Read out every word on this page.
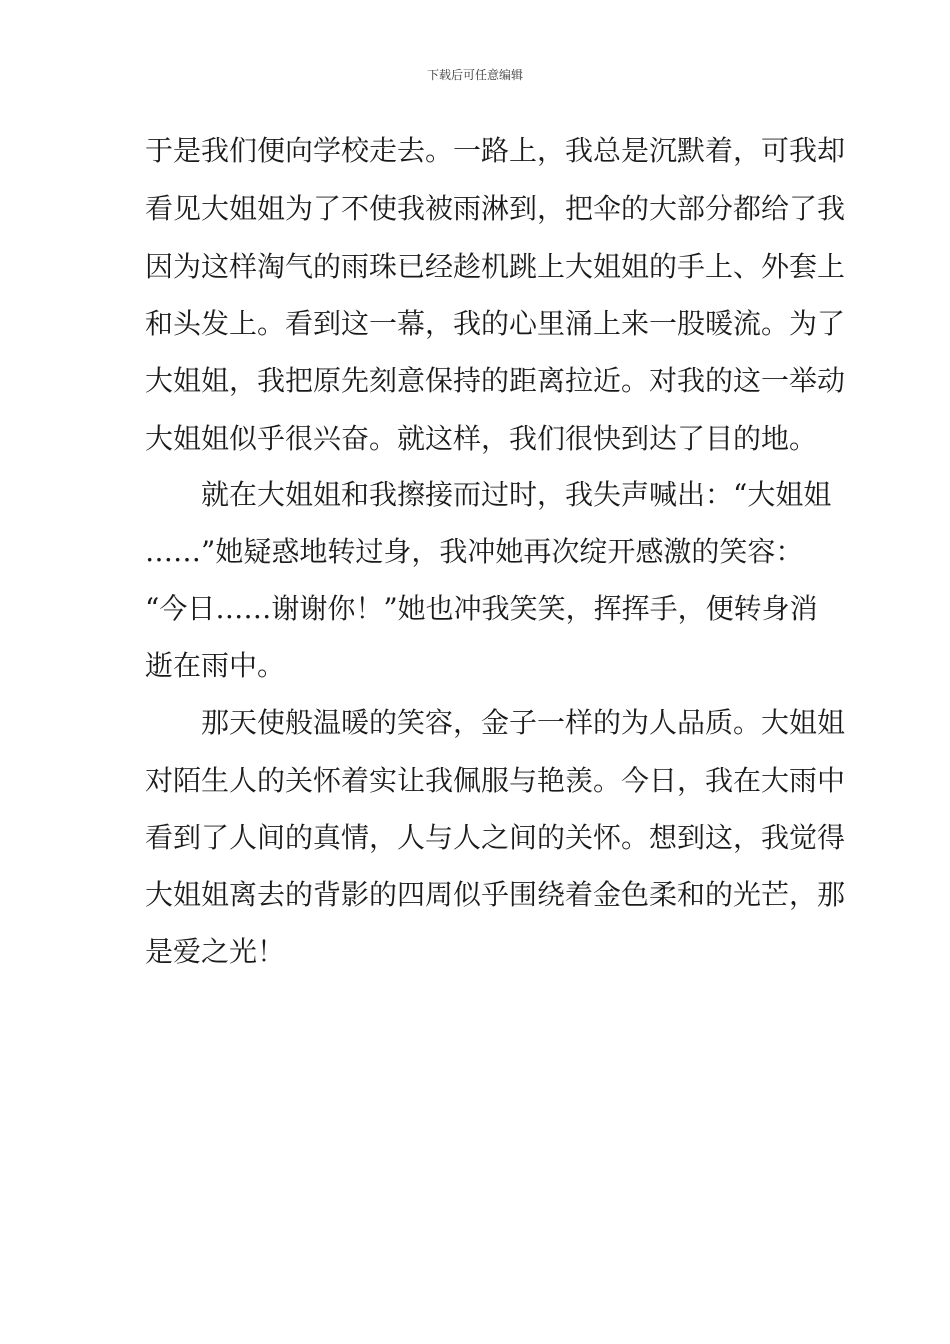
下载后可任意编辑
于是我们便向学校走去。一路上，我总是沉默着，可我却
看见大姐姐为了不使我被雨淋到，把伞的大部分都给了我
因为这样淘气的雨珠已经趁机跳上大姐姐的手上、外套上
和头发上。看到这一幕，我的心里涌上来一股暖流。为了
大姐姐，我把原先刻意保持的距离拉近。对我的这一举动
大姐姐似乎很兴奋。就这样，我们很快到达了目的地。
　　就在大姐姐和我擦接而过时，我失声喊出：“大姐姐
……”她疑惑地转过身，我冲她再次绽开感激的笑容：
“今日……谢谢你！”她也冲我笑笑，挥挥手，便转身消
逝在雨中。
　　那天使般温暖的笑容，金子一样的为人品质。大姐姐
对陌生人的关怀着实让我佩服与艳羡。今日，我在大雨中
看到了人间的真情，人与人之间的关怀。想到这，我觉得
大姐姐离去的背影的四周似乎围绕着金色柔和的光芒，那
是爱之光！
